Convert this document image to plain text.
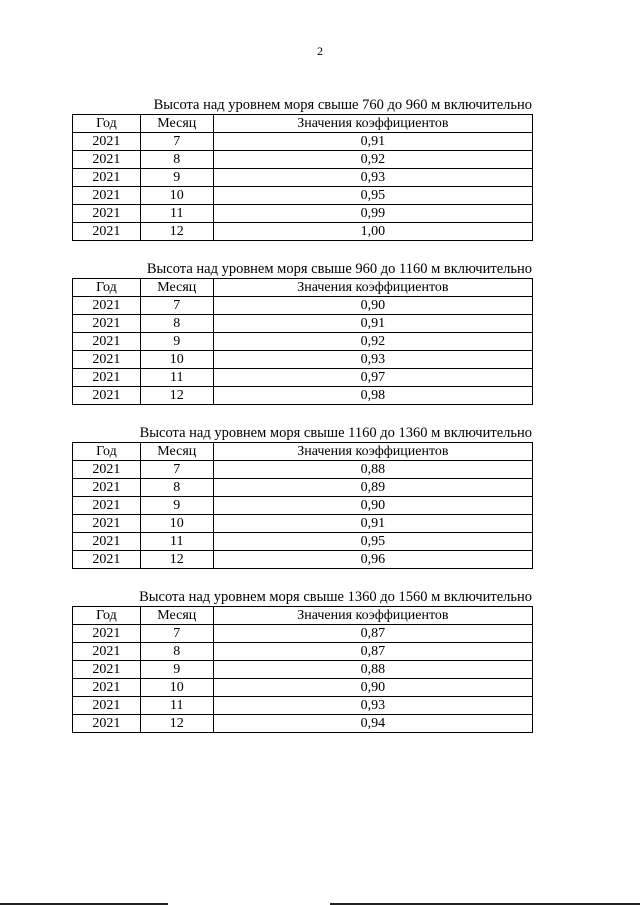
2
Высота над уровнем моря свыше 760 до 960 м включительно
Год	Месяц	Значения коэффициентов
2021	7	0,91
2021	8	0,92
2021	9	0,93
2021	10	0,95
2021	11	0,99
2021	12	1,00
Высота над уровнем моря свыше 960 до 1160 м включительно
Год	Месяц	Значения коэффициентов
2021	7	0,90
2021	8	0,91
2021	9	0,92
2021	10	0,93
2021	11	0,97
2021	12	0,98
Высота над уровнем моря свыше 1160 до 1360 м включительно
Год	Месяц	Значения коэффициентов
2021	7	0,88
2021	8	0,89
2021	9	0,90
2021	10	0,91
2021	11	0,95
2021	12	0,96
Высота над уровнем моря свыше 1360 до 1560 м включительно
Год	Месяц	Значения коэффициентов
2021	7	0,87
2021	8	0,87
2021	9	0,88
2021	10	0,90
2021	11	0,93
2021	12	0,94
